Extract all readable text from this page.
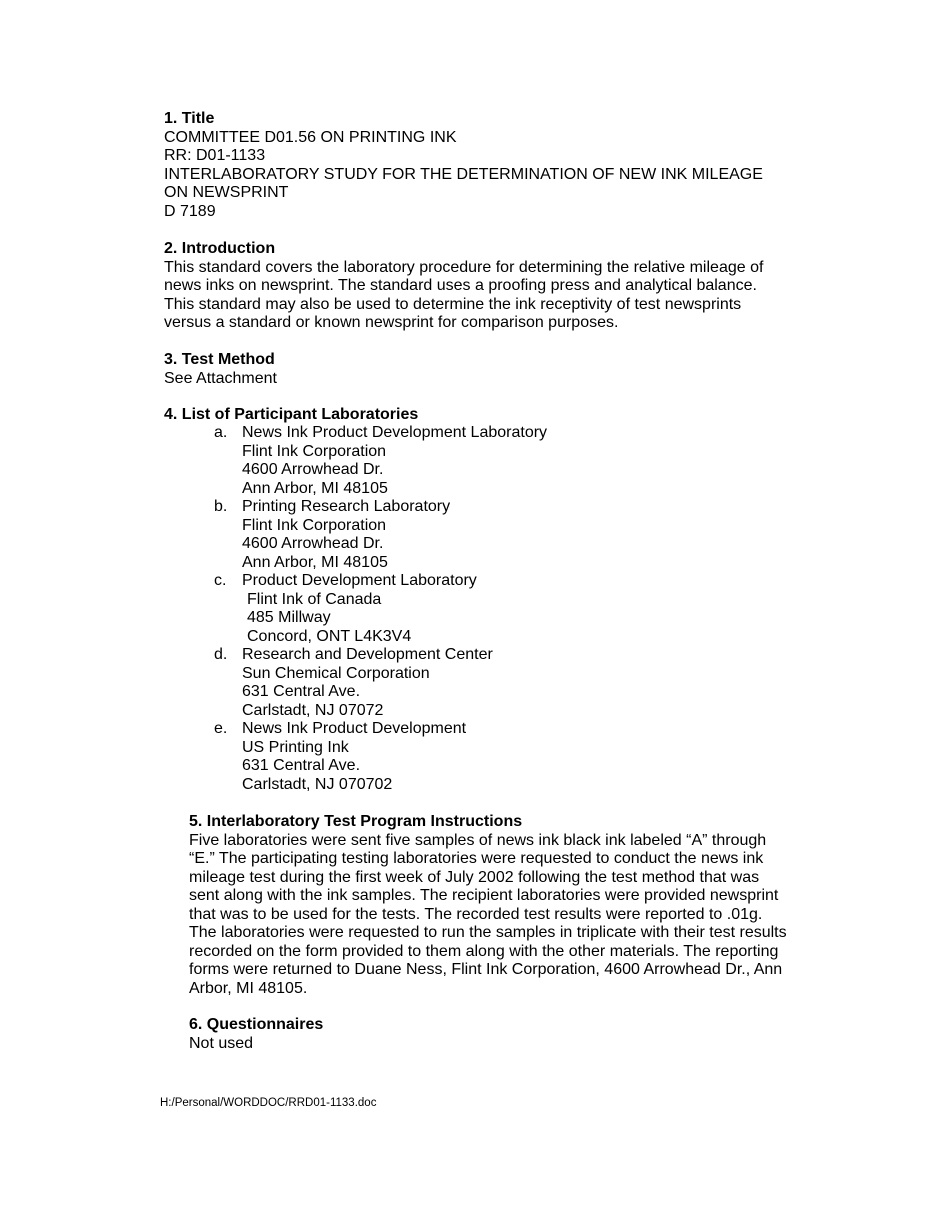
1. Title
COMMITTEE D01.56 ON PRINTING INK
RR: D01-1133
INTERLABORATORY STUDY FOR THE DETERMINATION OF NEW INK MILEAGE
ON NEWSPRINT
D 7189
2. Introduction
This standard covers the laboratory procedure for determining the relative mileage of
news inks on newsprint. The standard uses a proofing press and analytical balance.
This standard may also be used to determine the ink receptivity of test newsprints
versus a standard or known newsprint for comparison purposes.
3. Test Method
See Attachment
4. List of Participant Laboratories
a. News Ink Product Development Laboratory
Flint Ink Corporation
4600 Arrowhead Dr.
Ann Arbor, MI 48105
b. Printing Research Laboratory
Flint Ink Corporation
4600 Arrowhead Dr.
Ann Arbor, MI 48105
c. Product Development Laboratory
Flint Ink of Canada
485 Millway
Concord, ONT L4K3V4
d. Research and Development Center
Sun Chemical Corporation
631 Central Ave.
Carlstadt, NJ 07072
e. News Ink Product Development
US Printing Ink
631 Central Ave.
Carlstadt, NJ 070702
5. Interlaboratory Test Program Instructions
Five laboratories were sent five samples of news ink black ink labeled “A” through
“E.” The participating testing laboratories were requested to conduct the news ink
mileage test during the first week of July 2002 following the test method that was
sent along with the ink samples. The recipient laboratories were provided newsprint
that was to be used for the tests. The recorded test results were reported to .01g.
The laboratories were requested to run the samples in triplicate with their test results
recorded on the form provided to them along with the other materials. The reporting
forms were returned to Duane Ness, Flint Ink Corporation, 4600 Arrowhead Dr., Ann
Arbor, MI 48105.
6. Questionnaires
Not used
H:/Personal/WORDDOC/RRD01-1133.doc
